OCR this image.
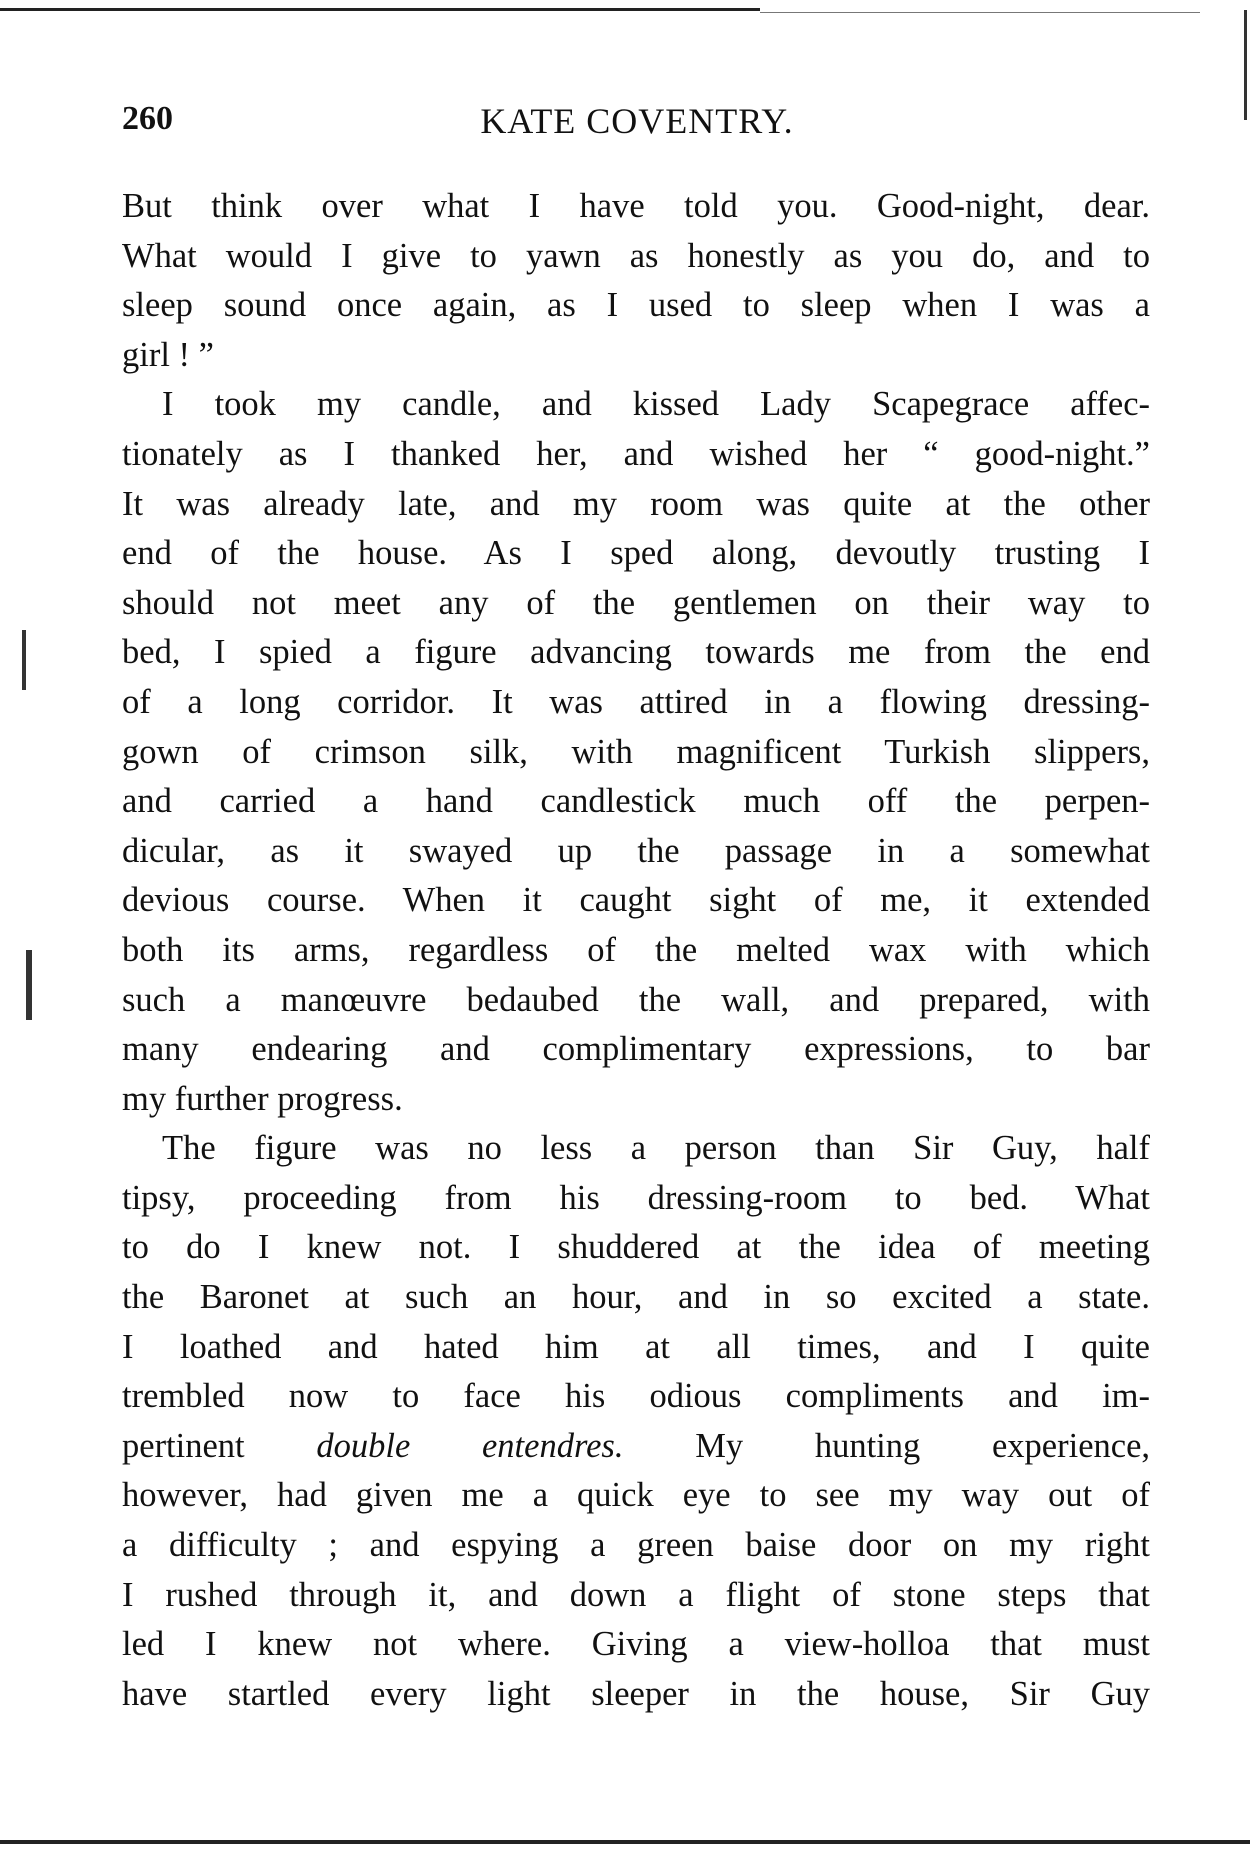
260	KATE COVENTRY.
But think over what I have told you. Good-night, dear.
What would I give to yawn as honestly as you do, and to
sleep sound once again, as I used to sleep when I was a
girl ! ”
I took my candle, and kissed Lady Scapegrace affec-
tionately as I thanked her, and wished her “ good-night.”
It was already late, and my room was quite at the other
end of the house. As I sped along, devoutly trusting I
should not meet any of the gentlemen on their way to
bed, I spied a figure advancing towards me from the end
of a long corridor. It was attired in a flowing dressing-
gown of crimson silk, with magnificent Turkish slippers,
and carried a hand candlestick much off the perpen-
dicular, as it swayed up the passage in a somewhat
devious course. When it caught sight of me, it extended
both its arms, regardless of the melted wax with which
such a manœuvre bedaubed the wall, and prepared, with
many endearing and complimentary expressions, to bar
my further progress.
The figure was no less a person than Sir Guy, half
tipsy, proceeding from his dressing-room to bed. What
to do I knew not. I shuddered at the idea of meeting
the Baronet at such an hour, and in so excited a state.
I loathed and hated him at all times, and I quite
trembled now to face his odious compliments and im-
pertinent double entendres. My hunting experience,
however, had given me a quick eye to see my way out of
a difficulty ; and espying a green baise door on my right
I rushed through it, and down a flight of stone steps that
led I knew not where. Giving a view-holloa that must
have startled every light sleeper in the house, Sir Guy
